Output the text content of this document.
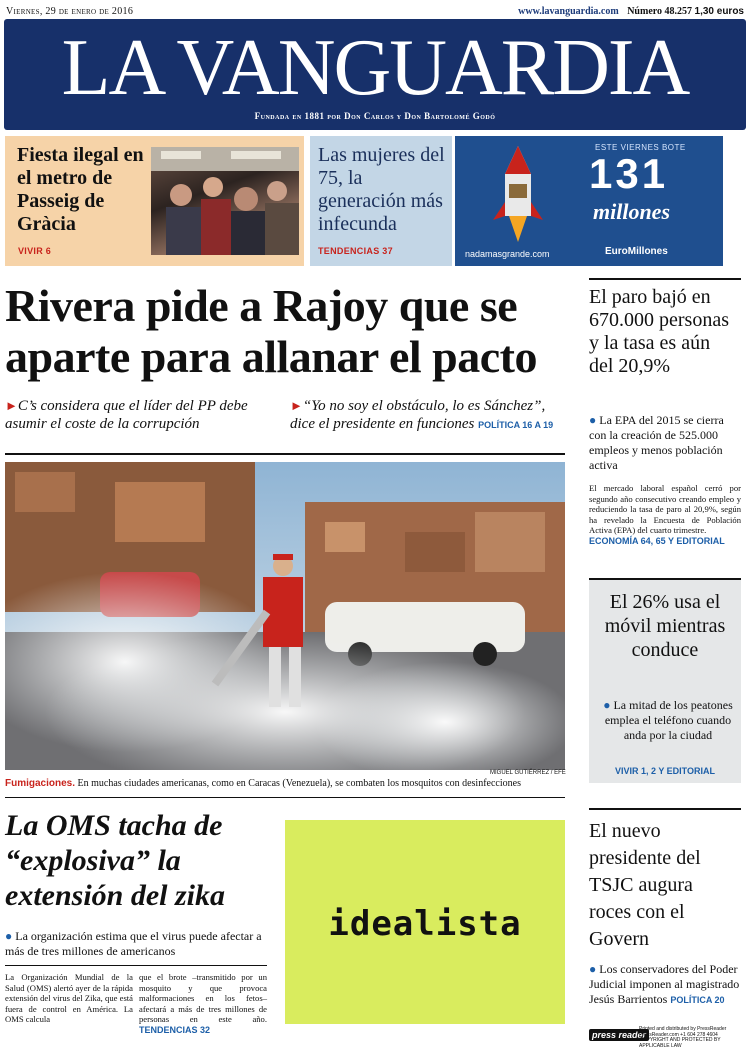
Viernes, 29 de enero de 2016	www.lavanguardia.com Número 48.257 1,30 euros
LA VANGUARDIA
Fundada en 1881 por Don Carlos y Don Bartolomé Godó
Fiesta ilegal en el metro de Passeig de Gràcia
VIVIR 6
Las mujeres del 75, la generación más infecunda
TENDENCIAS 37
ESTE VIERNES BOTE
131
millones
nadamasgrande.com	EuroMillones
Rivera pide a Rajoy que se aparte para allanar el pacto
►C’s considera que el líder del PP debe asumir el coste de la corrupción
►“Yo no soy el obstáculo, lo es Sánchez”, dice el presidente en funciones POLÍTICA 16 A 19
MIGUEL GUTIÉRREZ / EFE
Fumigaciones. En muchas ciudades americanas, como en Caracas (Venezuela), se combaten los mosquitos con desinfecciones
El paro bajó en 670.000 personas y la tasa es aún del 20,9%
● La EPA del 2015 se cierra con la creación de 525.000 empleos y menos población activa
El mercado laboral español cerró por segundo año consecutivo creando empleo y reduciendo la tasa de paro al 20,9%, según ha revelado la Encuesta de Población Activa (EPA) del cuarto trimestre.
ECONOMÍA 64, 65 Y EDITORIAL
El 26% usa el móvil mientras conduce
● La mitad de los peatones emplea el teléfono cuando anda por la ciudad
VIVIR 1, 2 Y EDITORIAL
El nuevo presidente del TSJC augura roces con el Govern
● Los conservadores del Poder Judicial imponen al magistrado Jesús Barrientos POLÍTICA 20
La OMS tacha de “explosiva” la extensión del zika
● La organización estima que el virus puede afectar a más de tres millones de americanos
La Organización Mundial de la Salud (OMS) alertó ayer de la rápida extensión del virus del Zika, que está fuera de control en América. La OMS calcula
que el brote –transmitido por un mosquito y que provoca malformaciones en los fetos– afectará a más de tres millones de personas en este año. TENDENCIAS 32
idealista
press reader
Printed and distributed by PressReader PressReader.com +1 604 278 4604 COPYRIGHT AND PROTECTED BY APPLICABLE LAW
